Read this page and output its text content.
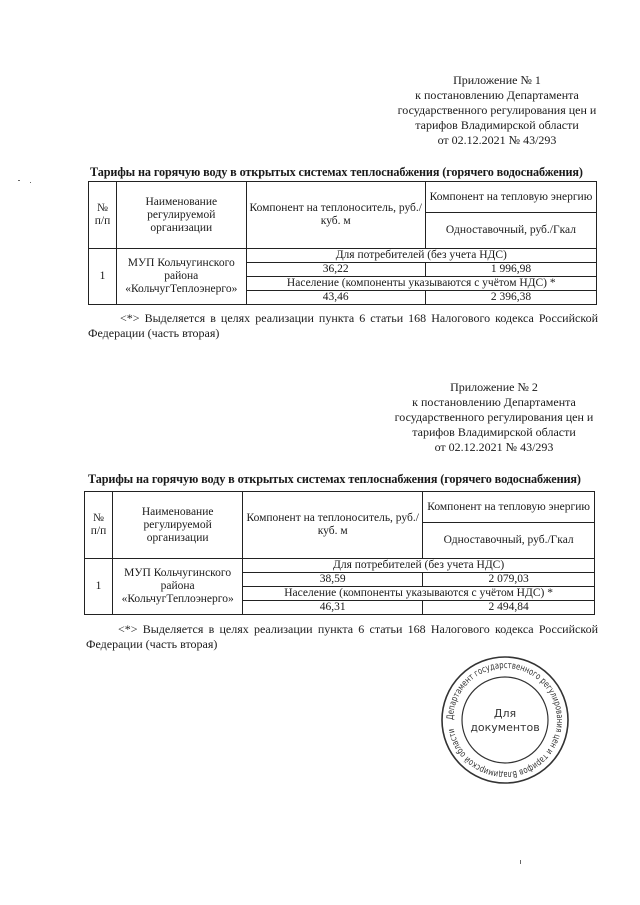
Приложение № 1
к постановлению Департамента
государственного регулирования цен и
тарифов Владимирской области
от 02.12.2021 № 43/293
Тарифы на горячую воду в открытых системах теплоснабжения (горячего водоснабжения)
№ п/п	Наименование регулируемой организации	Компонент на теплоноситель, руб./куб. м	Компонент на тепловую энергию
			Одноставочный, руб./Гкал
1	МУП Кольчугинского района «КольчугТеплоэнерго»	Для потребителей (без учета НДС)	
		36,22	1 996,98
		Население (компоненты указываются с учётом НДС) *	
		43,46	2 396,38
<*> Выделяется в целях реализации пункта 6 статьи 168 Налогового кодекса Российской Федерации (часть вторая)
Приложение № 2
к постановлению Департамента
государственного регулирования цен и
тарифов Владимирской области
от 02.12.2021 № 43/293
Тарифы на горячую воду в открытых системах теплоснабжения (горячего водоснабжения)
№ п/п	Наименование регулируемой организации	Компонент на теплоноситель, руб./куб. м	Компонент на тепловую энергию
			Одноставочный, руб./Гкал
1	МУП Кольчугинского района «КольчугТеплоэнерго»	Для потребителей (без учета НДС)	
		38,59	2 079,03
		Население (компоненты указываются с учётом НДС) *	
		46,31	2 494,84
<*> Выделяется в целях реализации пункта 6 статьи 168 Налогового кодекса Российской Федерации (часть вторая)
Департамент государственного регулирования цен и тарифов Владимирской области
Для
документов
